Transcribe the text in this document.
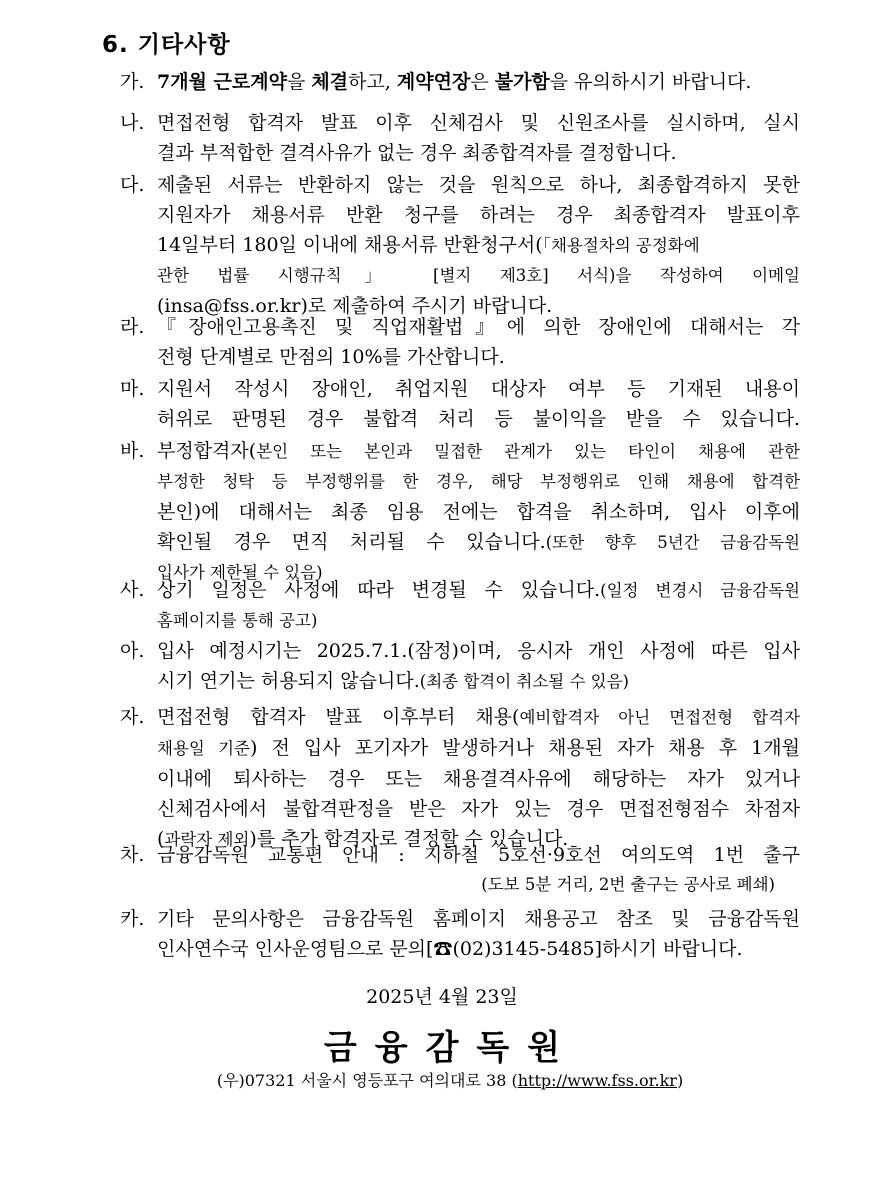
6. 기타사항
가. 7개월 근로계약을 체결하고, 계약연장은 불가함을 유의하시기 바랍니다.
나. 면접전형 합격자 발표 이후 신체검사 및 신원조사를 실시하며, 실시
결과 부적합한 결격사유가 없는 경우 최종합격자를 결정합니다.
다. 제출된 서류는 반환하지 않는 것을 원칙으로 하나, 최종합격하지 못한
지원자가 채용서류 반환 청구를 하려는 경우 최종합격자 발표이후
14일부터 180일 이내에 채용서류 반환청구서(「채용절차의 공정화에
관한 법률 시행규칙」 [별지 제3호] 서식)을 작성하여 이메일
(insa@fss.or.kr)로 제출하여 주시기 바랍니다.
라. 『장애인고용촉진 및 직업재활법』에 의한 장애인에 대해서는 각
전형 단계별로 만점의 10%를 가산합니다.
마. 지원서 작성시 장애인, 취업지원 대상자 여부 등 기재된 내용이
허위로 판명된 경우 불합격 처리 등 불이익을 받을 수 있습니다.
바. 부정합격자(본인 또는 본인과 밀접한 관계가 있는 타인이 채용에 관한
부정한 청탁 등 부정행위를 한 경우, 해당 부정행위로 인해 채용에 합격한
본인)에 대해서는 최종 임용 전에는 합격을 취소하며, 입사 이후에
확인될 경우 면직 처리될 수 있습니다.(또한 향후 5년간 금융감독원
입사가 제한될 수 있음)
사. 상기 일정은 사정에 따라 변경될 수 있습니다.(일정 변경시 금융감독원
홈페이지를 통해 공고)
아. 입사 예정시기는 2025.7.1.(잠정)이며, 응시자 개인 사정에 따른 입사
시기 연기는 허용되지 않습니다.(최종 합격이 취소될 수 있음)
자. 면접전형 합격자 발표 이후부터 채용(예비합격자 아닌 면접전형 합격자
채용일 기준) 전 입사 포기자가 발생하거나 채용된 자가 채용 후 1개월
이내에 퇴사하는 경우 또는 채용결격사유에 해당하는 자가 있거나
신체검사에서 불합격판정을 받은 자가 있는 경우 면접전형점수 차점자
(과락자 제외)를 추가 합격자로 결정할 수 있습니다.
차. 금융감독원 교통편 안내 : 지하철 5호선·9호선 여의도역 1번 출구
(도보 5분 거리, 2번 출구는 공사로 폐쇄)
카. 기타 문의사항은 금융감독원 홈페이지 채용공고 참조 및 금융감독원
인사연수국 인사운영팀으로 문의[☎(02)3145-5485]하시기 바랍니다.
2025년 4월 23일
금융감독원
(우)07321 서울시 영등포구 여의대로 38 (http://www.fss.or.kr)
